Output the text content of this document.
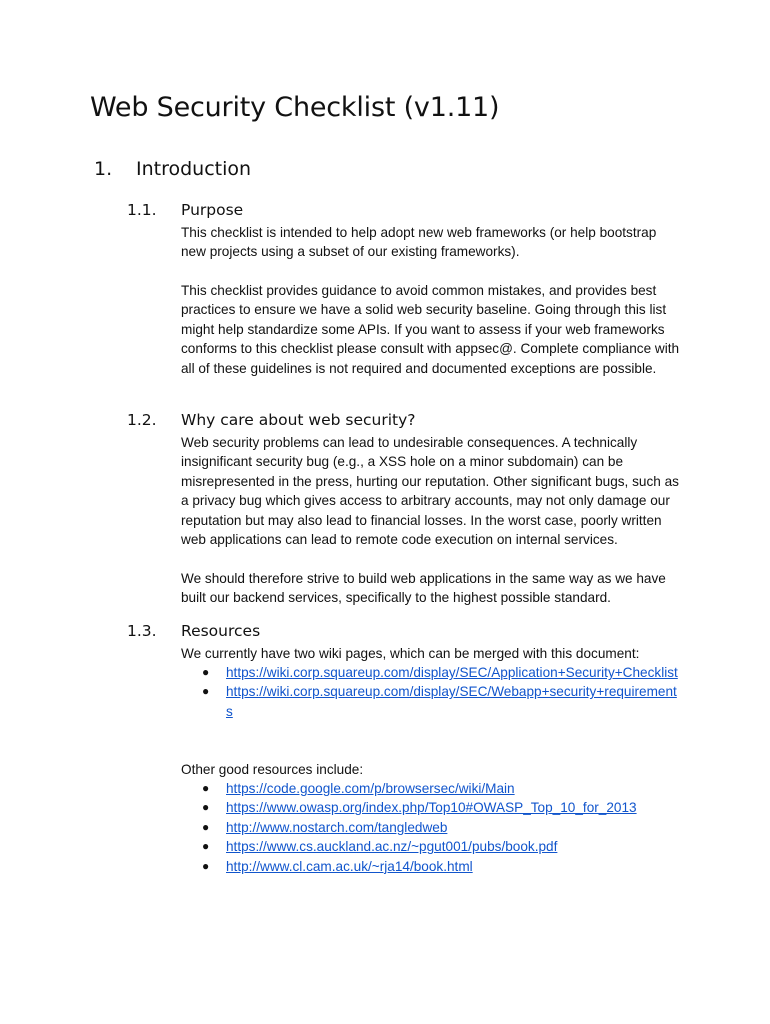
Web Security Checklist (v1.11)
1. Introduction
1.1. Purpose

This checklist is intended to help adopt new web frameworks (or help bootstrap new projects using a subset of our existing frameworks).

This checklist provides guidance to avoid common mistakes, and provides best practices to ensure we have a solid web security baseline. Going through this list might help standardize some APIs. If you want to assess if your web frameworks conforms to this checklist please consult with appsec@. Complete compliance with all of these guidelines is not required and documented exceptions are possible.

1.2. Why care about web security?

Web security problems can lead to undesirable consequences. A technically insignificant security bug (e.g., a XSS hole on a minor subdomain) can be misrepresented in the press, hurting our reputation. Other significant bugs, such as a privacy bug which gives access to arbitrary accounts, may not only damage our reputation but may also lead to financial losses. In the worst case, poorly written web applications can lead to remote code execution on internal services.

We should therefore strive to build web applications in the same way as we have built our backend services, specifically to the highest possible standard.

1.3. Resources

We currently have two wiki pages, which can be merged with this document:

● https://wiki.corp.squareup.com/display/SEC/Application+Security+Checklist
● https://wiki.corp.squareup.com/display/SEC/Webapp+security+requirements

Other good resources include:

● https://code.google.com/p/browsersec/wiki/Main
● https://www.owasp.org/index.php/Top10#OWASP_Top_10_for_2013
● http://www.nostarch.com/tangledweb
● https://www.cs.auckland.ac.nz/~pgut001/pubs/book.pdf
● http://www.cl.cam.ac.uk/~rja14/book.html
